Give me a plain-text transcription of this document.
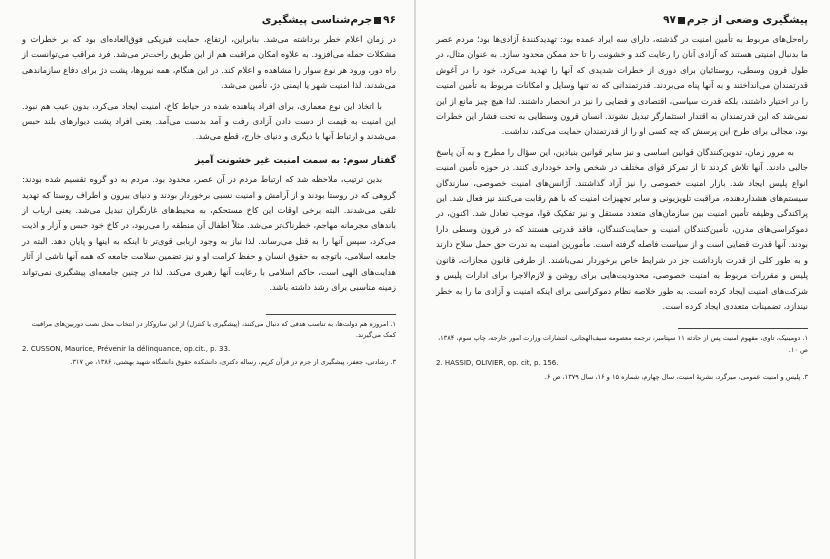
۹۶جرم‌شناسی پیشگیری

در زمان اعلام خطر برداشته می‌شد. بنابراین، ارتفاع، حمایت فیزیکی فوق‌العاده‌ای بود که بر خطرات و مشکلات حمله می‌افزود. به علاوه امکان مراقبت هم از این طریق راحت‌تر می‌شد. فرد مراقب می‌توانست از راه دور، ورود هر نوع سوار را مشاهده و اعلام کند. در این هنگام، همه نیروها، پشت دژ برای دفاع سازماندهی می‌شدند. لذا امنیت شهر یا ایمنی دژ، تأمین می‌شد.

با اتخاذ این نوع معماری، برای افراد پناهنده شده در حیاط کاخ، امنیت ایجاد می‌کرد، بدون عیب هم نبود. این امنیت به قیمت از دست دادن آزادی رفت و آمد بدست می‌آمد. یعنی افراد پشت دیوارهای بلند حبس می‌شدند و ارتباط آنها با دیگری و دنیای خارج، قطع می‌شد.

گفتار سوم: به سمت امنیت غیر خشونت آمیز

بدین ترتیب، ملاحظه شد که ارتباط مردم در آن عصر، محدود بود. مردم به دو گروه تقسیم شده بودند: گروهی که در روستا بودند و از آرامش و امنیت نسبی برخوردار بودند و دنیای بیرون و اطراف روستا که تهدید تلقی می‌شدند. البته برخی اوقات این کاخ مستحکم، به محیط‌های غارتگران تبدیل می‌شد. یعنی ارباب از باندهای مجرمانه مهاجم، خطرناک‌تر می‌شد. مثلاً اطفال آن منطقه را می‌ربود، در کاخ خود حبس و آزار و اذیت می‌کرد، سپس آنها را به قتل می‌رساند. لذا نیاز به وجود اربابی قوی‌تر تا اینکه به اینها و پایان دهد. البته در جامعه اسلامی، باتوجه به حقوق انسان و حفظ کرامت او و نیز تضمین سلامت جامعه که همه آنها ناشی از آثار هدایت‌های الهی است، حاکم اسلامی با رعایت آنها رهبری می‌کند. لذا در چنین جامعه‌ای پیشگیری نمی‌تواند زمینه مناسبی برای رشد داشته باشد.

۱. امروزه هم دولت‌ها، به تناسب هدفی که دنبال می‌کنند، (پیشگیری یا کنترل) از این سازوکار در انتخاب محل نصب دوربین‌های مراقبت کمک می‌گیرند.
2. CUSSON, Maurice, Prévenir la délinquance, op.cit., p. 33.
۳. رشادتی، جعفر، پیشگیری از جرم در قرآن کریم، رساله دکتری، دانشکده حقوق دانشگاه شهید بهشتی، ۱۳۸۶، ص ۳۱۷.
پیشگیری وضعی از جرم۹۷

راه‌حل‌های مربوط به تأمین امنیت در گذشته، دارای سه ایراد عمده بود: تهدیدکنندهٔ آزادی‌ها بود؛ مردم عصر ما بدنبال امنیتی هستند که آزادی آنان را رعایت کند و خشونت را تا حد ممکن محدود سازد. به عنوان مثال، در طول قرون وسطی، روستائیان برای دوری از خطرات شدیدی که آنها را تهدید می‌کرد، خود را در آغوش قدرتمندان می‌انداختند و به آنها پناه می‌بردند. قدرتمندانی که نه تنها وسایل و امکانات مربوط به تأمین امنیت را در اختیار داشتند، بلکه قدرت سیاسی، اقتصادی و قضایی را نیز در انحصار داشتند. لذا هیچ چیز مانع از این نمی‌شد که این قدرتمندان به اقتدار استثمارگر تبدیل نشوند. انسان قرون وسطایی به تحت فشار این خطرات بود، مجالی برای طرح این پرسش که چه کسی او را از قدرتمندان حمایت می‌کند، نداشت.

به مرور زمان، تدوین‌کنندگان قوانین اساسی و نیز سایر قوانین بنیادین، این سؤال را مطرح و به آن پاسخ جالبی دادند. آنها تلاش کردند تا از تمرکز قوای مختلف در شخص واحد خودداری کنند. در حوزه تأمین امنیت انواع پلیس ایجاد شد. بازار امنیت خصوصی را نیز آزاد گذاشتند. آژانس‌های امنیت خصوصی، سازندگان سیستم‌های هشداردهنده، مراقبت تلویزیونی و سایر تجهیزات امنیت که با هم رقابت می‌کنند نیز فعال شد. این پراکندگی وظیفه تأمین امنیت بین سازمان‌های متعدد مستقل و نیز تفکیک قوا، موجب تعادل شد. اکنون، در دموکراسی‌های مدرن، تأمین‌کنندگان امنیت و حمایت‌کنندگان، فاقد قدرتی هستند که در قرون وسطی دارا بودند. آنها قدرت قضایی است و از سیاست فاصله گرفته است. مأمورین امنیت به ندرت حق حمل سلاح دارند و به طور کلی از قدرت بازداشت جز در شرایط خاص برخوردار نمی‌باشند. از طرفی قانون مجازات، قانون پلیس و مقررات مربوط به امنیت خصوصی، محدودیت‌هایی برای روشن و لازم‌الاجرا برای ادارات پلیس و شرکت‌های امنیت ایجاد کرده است. به طور خلاصه نظام دموکراسی برای اینکه امنیت و آزادی ما را به خطر نیندازد، تضمینات متعددی ایجاد کرده است.

۱. دومینیک، تاوی، مفهوم امنیت پس از حادثه ۱۱ سپتامبر، ترجمه معصومه سیف‌الهجانی، انتشارات وزارت امور خارجه، چاپ سوم، ۱۳۸۴، ص ۱۰.
2. HASSID, OLIVIER, op. cit, p. 156.
۳. پلیس و امنیت عمومی، میرگرد، نشریهٔ امنیت، سال چهارم، شماره ۱۵ و ۱۶، سال ۱۳۷۹، ص ۶.
